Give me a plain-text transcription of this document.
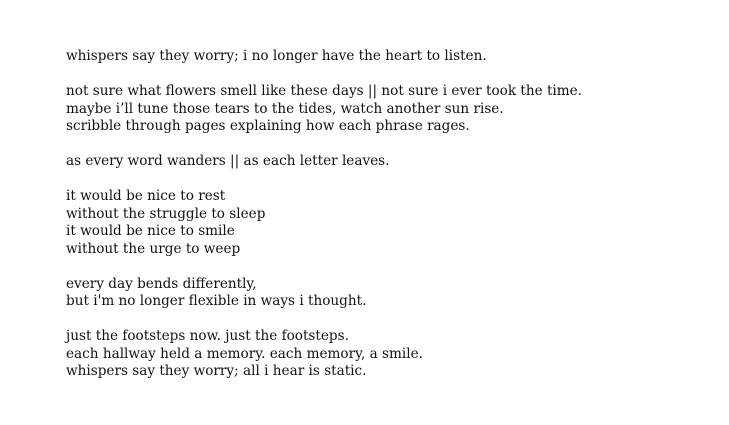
whispers say they worry; i no longer have the heart to listen.
not sure what flowers smell like these days || not sure i ever took the time.
maybe i’ll tune those tears to the tides, watch another sun rise.
scribble through pages explaining how each phrase rages.
as every word wanders || as each letter leaves.
it would be nice to rest
without the struggle to sleep
it would be nice to smile
without the urge to weep
every day bends differently,
but i'm no longer flexible in ways i thought.
just the footsteps now. just the footsteps.
each hallway held a memory. each memory, a smile.
whispers say they worry; all i hear is static.
